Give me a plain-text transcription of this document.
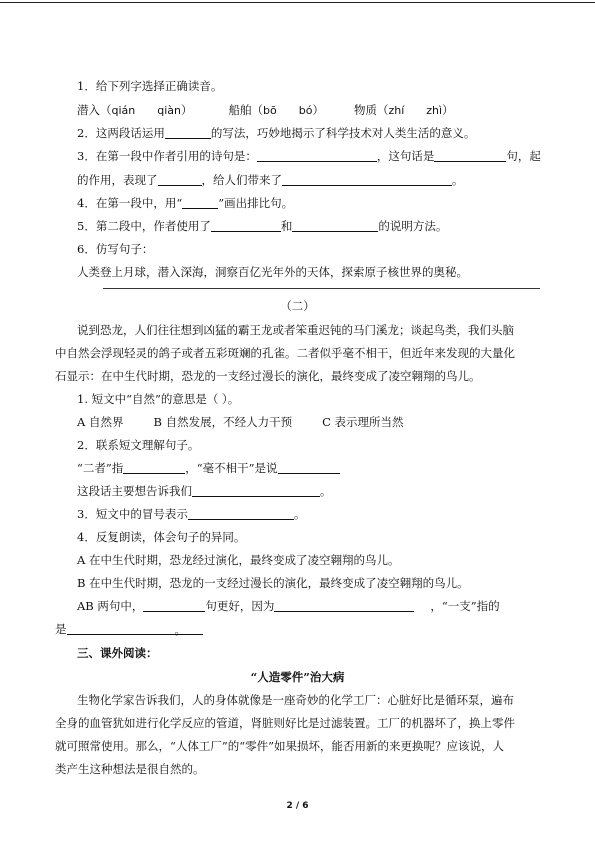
1．给下列字选择正确读音。
潜入（qián qiàn）	船舶（bō bó）	物质（zhí zhì）
2．这两段话运用	的写法，巧妙地揭示了科学技术对人类生活的意义。
3．在第一段中作者引用的诗句是：	，这句话是	句，起
的作用，表现了	，给人们带来了	。
4．在第一段中，用“	”画出排比句。
5．第二段中，作者使用了	和	的说明方法。
6．仿写句子：
人类登上月球，潜入深海，洞察百亿光年外的天体，探索原子核世界的奥秘。
（二）
说到恐龙，人们往往想到凶猛的霸王龙或者笨重迟钝的马门溪龙；谈起鸟类，我们头脑
中自然会浮现轻灵的鸽子或者五彩斑斓的孔雀。二者似乎毫不相干，但近年来发现的大量化
石显示：在中生代时期，恐龙的一支经过漫长的演化，最终变成了凌空翱翔的鸟儿。
1. 短文中“自然”的意思是（ ）。
A 自然界	B 自然发展，不经人力干预	C 表示理所当然
2．联系短文理解句子。
“二者”指	，“毫不相干”是说
这段话主要想告诉我们	。
3．短文中的冒号表示	。
4．反复朗读，体会句子的异同。
A 在中生代时期，恐龙经过演化，最终变成了凌空翱翔的鸟儿。
B 在中生代时期，恐龙的一支经过漫长的演化，最终变成了凌空翱翔的鸟儿。
AB 两句中，	句更好，因为	，“一支”指的
是	。
三、课外阅读：
“人造零件”治大病
生物化学家告诉我们，人的身体就像是一座奇妙的化学工厂：心脏好比是循环泵，遍布
全身的血管犹如进行化学反应的管道，肾脏则好比是过滤装置。工厂的机器坏了，换上零件
就可照常使用。那么，“人体工厂”的“零件”如果损坏，能否用新的来更换呢？应该说，人
类产生这种想法是很自然的。
2 / 6
